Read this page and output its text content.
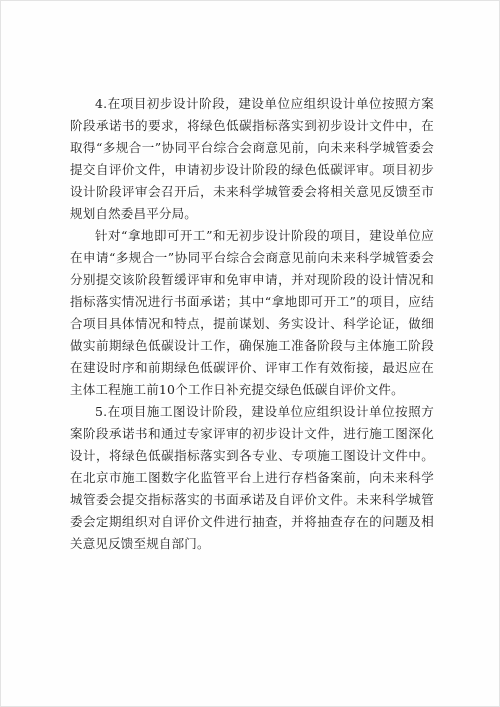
4.在项目初步设计阶段，建设单位应组织设计单位按照方案阶段承诺书的要求，将绿色低碳指标落实到初步设计文件中，在取得“多规合一”协同平台综合会商意见前，向未来科学城管委会提交自评价文件，申请初步设计阶段的绿色低碳评审。项目初步设计阶段评审会召开后，未来科学城管委会将相关意见反馈至市规划自然委昌平分局。

针对“拿地即可开工”和无初步设计阶段的项目，建设单位应在申请“多规合一”协同平台综合会商意见前向未来科学城管委会分别提交该阶段暂缓评审和免审申请，并对现阶段的设计情况和指标落实情况进行书面承诺；其中“拿地即可开工”的项目，应结合项目具体情况和特点，提前谋划、务实设计、科学论证，做细做实前期绿色低碳设计工作，确保施工准备阶段与主体施工阶段在建设时序和前期绿色低碳评价、评审工作有效衔接，最迟应在主体工程施工前10个工作日补充提交绿色低碳自评价文件。

5.在项目施工图设计阶段，建设单位应组织设计单位按照方案阶段承诺书和通过专家评审的初步设计文件，进行施工图深化设计，将绿色低碳指标落实到各专业、专项施工图设计文件中。在北京市施工图数字化监管平台上进行存档备案前，向未来科学城管委会提交指标落实的书面承诺及自评价文件。未来科学城管委会定期组织对自评价文件进行抽查，并将抽查存在的问题及相关意见反馈至规自部门。
